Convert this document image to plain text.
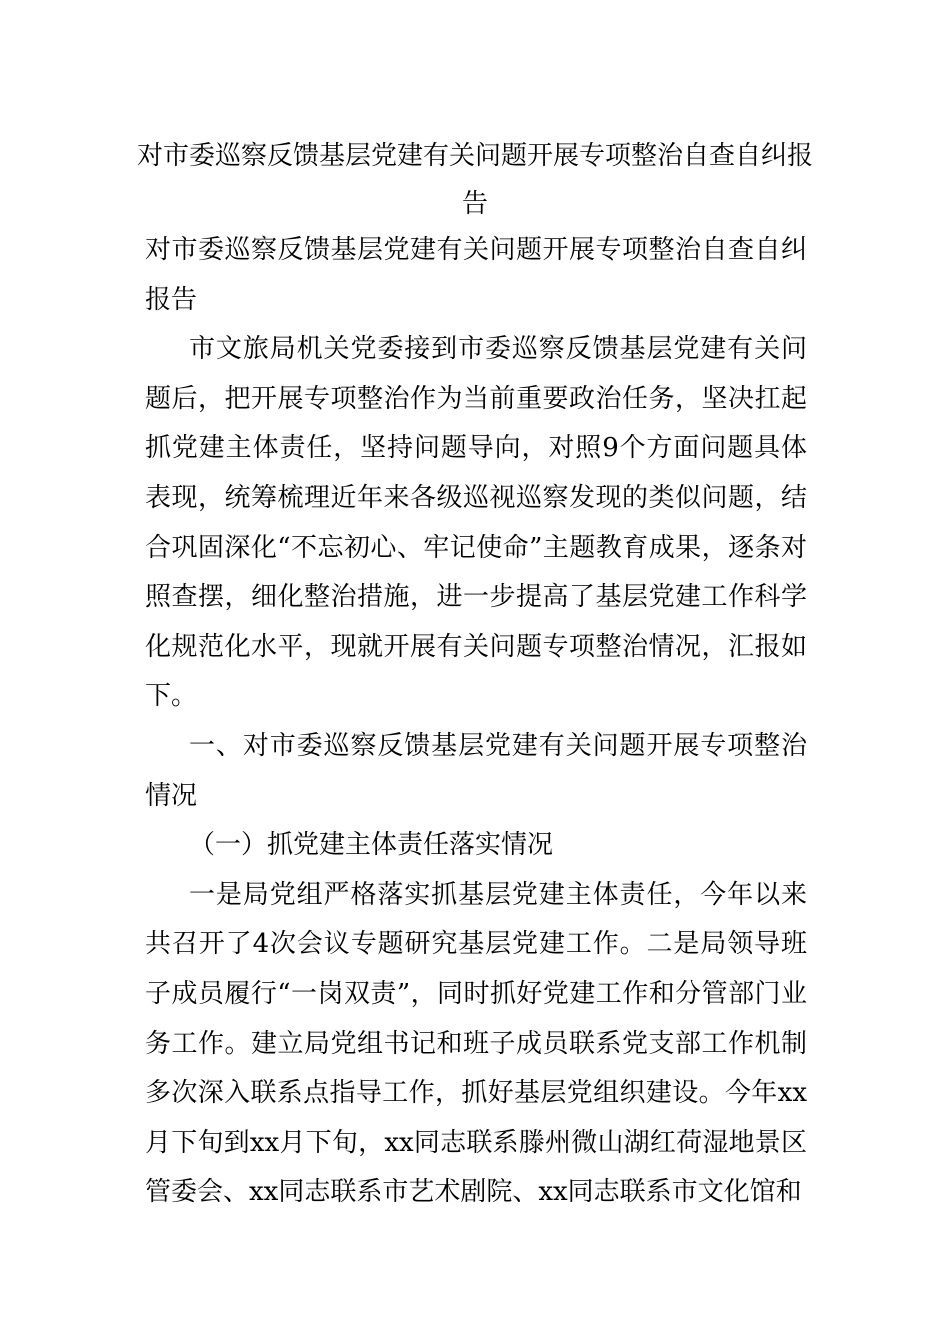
对市委巡察反馈基层党建有关问题开展专项整治自查自纠报告

对市委巡察反馈基层党建有关问题开展专项整治自查自纠报告

市文旅局机关党委接到市委巡察反馈基层党建有关问题后，把开展专项整治作为当前重要政治任务，坚决扛起抓党建主体责任，坚持问题导向，对照9个方面问题具体表现，统筹梳理近年来各级巡视巡察发现的类似问题，结合巩固深化“不忘初心、牢记使命”主题教育成果，逐条对照查摆，细化整治措施，进一步提高了基层党建工作科学化规范化水平，现就开展有关问题专项整治情况，汇报如下。

一、对市委巡察反馈基层党建有关问题开展专项整治情况

（一）抓党建主体责任落实情况

一是局党组严格落实抓基层党建主体责任，今年以来共召开了4次会议专题研究基层党建工作。二是局领导班子成员履行“一岗双责”，同时抓好党建工作和分管部门业务工作。建立局党组书记和班子成员联系党支部工作机制多次深入联系点指导工作，抓好基层党组织建设。今年xx月下旬到xx月下旬，xx同志联系滕州微山湖红荷湿地景区管委会、xx同志联系市艺术剧院、xx同志联系市文化馆和
